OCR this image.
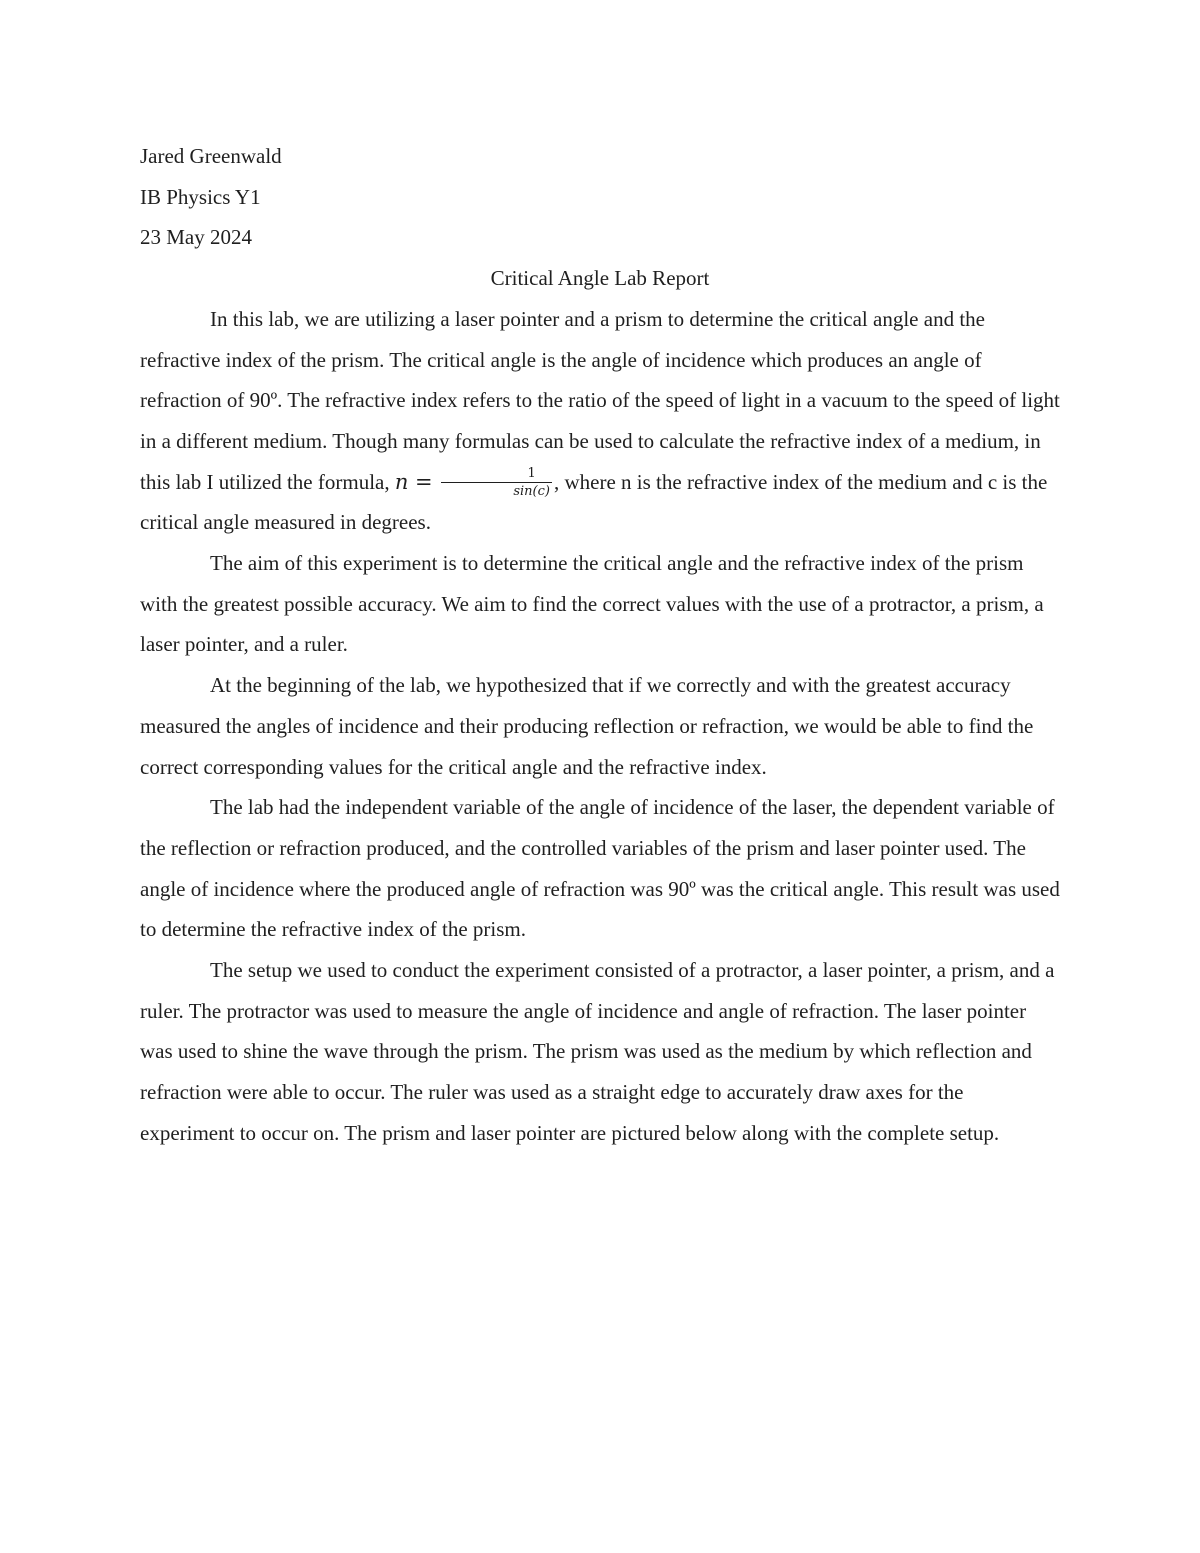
Jared Greenwald

IB Physics Y1

23 May 2024

Critical Angle Lab Report

In this lab, we are utilizing a laser pointer and a prism to determine the critical angle and the refractive index of the prism. The critical angle is the angle of incidence which produces an angle of refraction of 90º. The refractive index refers to the ratio of the speed of light in a vacuum to the speed of light in a different medium. Though many formulas can be used to calculate the refractive index of a medium, in this lab I utilized the formula, $n = \frac{1}{\sin(c)}$ , where n is the refractive index of the medium and c is the critical angle measured in degrees.

The aim of this experiment is to determine the critical angle and the refractive index of the prism with the greatest possible accuracy. We aim to find the correct values with the use of a protractor, a prism, a laser pointer, and a ruler.

At the beginning of the lab, we hypothesized that if we correctly and with the greatest accuracy measured the angles of incidence and their producing reflection or refraction, we would be able to find the correct corresponding values for the critical angle and the refractive index.

The lab had the independent variable of the angle of incidence of the laser, the dependent variable of the reflection or refraction produced, and the controlled variables of the prism and laser pointer used. The angle of incidence where the produced angle of refraction was 90º was the critical angle. This result was used to determine the refractive index of the prism.

The setup we used to conduct the experiment consisted of a protractor, a laser pointer, a prism, and a ruler. The protractor was used to measure the angle of incidence and angle of refraction. The laser pointer was used to shine the wave through the prism. The prism was used as the medium by which reflection and refraction were able to occur. The ruler was used as a straight edge to accurately draw axes for the experiment to occur on. The prism and laser pointer are pictured below along with the complete setup.
